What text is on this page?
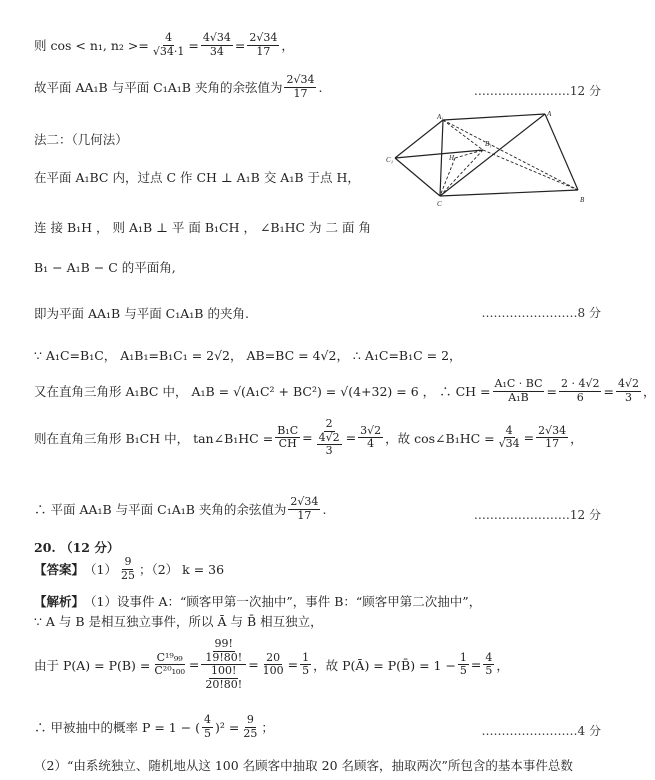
则 cos < n₁, $n_2 >= \frac{4}{√34\cdot 1} = \frac{4√34}{34} = \frac{2√34}{17}$ ，
故平面 AA₁B 与平面 C₁A₁B 夹角的余弦值为 $\frac{2√34}{17}$ .	……………………12 分
法二：（几何法）
A₁	A
C₁
C	B
B₁
H
在平面 A₁BC 内，过点 C 作 CH ⊥ A₁B 交 A₁B 于点 H，
连 接 B₁H ， 则 A₁B ⊥ 平 面 B₁CH ， ∠B₁HC 为 二 面 角
B₁ − A₁B − C 的平面角,
即为平面 AA₁B 与平面 C₁A₁B 的夹角.	……………………8 分
∵ A₁C=B₁C， A₁B₁=B₁C₁ = 2√2， AB=BC = 4√2， ∴ A₁C=B₁C = 2，
又在直角三角形 A₁BC 中， A₁B = √(A₁C² + BC²) = √(4+32) = 6 ， ∴ CH = $\frac{\text{A₁C · BC}}{\text{A₁B}} = \frac{2 \cdot 4√2}{6} = \frac{4√2}{3}$ ，
则在直角三角形 B₁CH 中， tan∠B₁HC = $\frac{\text{B₁C}}{CH} = \frac{2}{\frac{4√2}{3}} = \frac{3√2}{4}$ ，故 cos∠B₁HC = $\frac{4}{√34} = \frac{2√34}{17}$ ，
∴ 平面 AA₁B 与平面 C₁A₁B 夹角的余弦值为 $\frac{2√34}{17}$ .	……………………12 分
20. （12 分）
【答案】 $(1) \frac{9}{25}$ ；（2） k = 36
【解析】 （1）设事件 A：“顾客甲第一次抽中”，事件 B：“顾客甲第二次抽中”，
∵ A 与 B 是相互独立事件，所以 Ā 与 B̄ 相互独立，
由于 $P(A) = P(B) = \frac{\text{C¹⁹₉₉}}{\text{C²⁰₁₀₀}} = \frac{\frac{99!}{19!80!}}{\frac{100!}{20!80!}} = \frac{20}{100} = \frac{1}{5}$ ，故 P(Ā) = P(B̄) = $1 - \frac{1}{5} = \frac{4}{5}$ ，
∴ 甲被抽中的概率 P = 1 − ( $\frac{4}{5} )^2 = \frac{9}{25}$ ；	……………………4 分
（2）“由系统独立、随机地从这 100 名顾客中抽取 20 名顾客，抽取两次”所包含的基本事件总数
